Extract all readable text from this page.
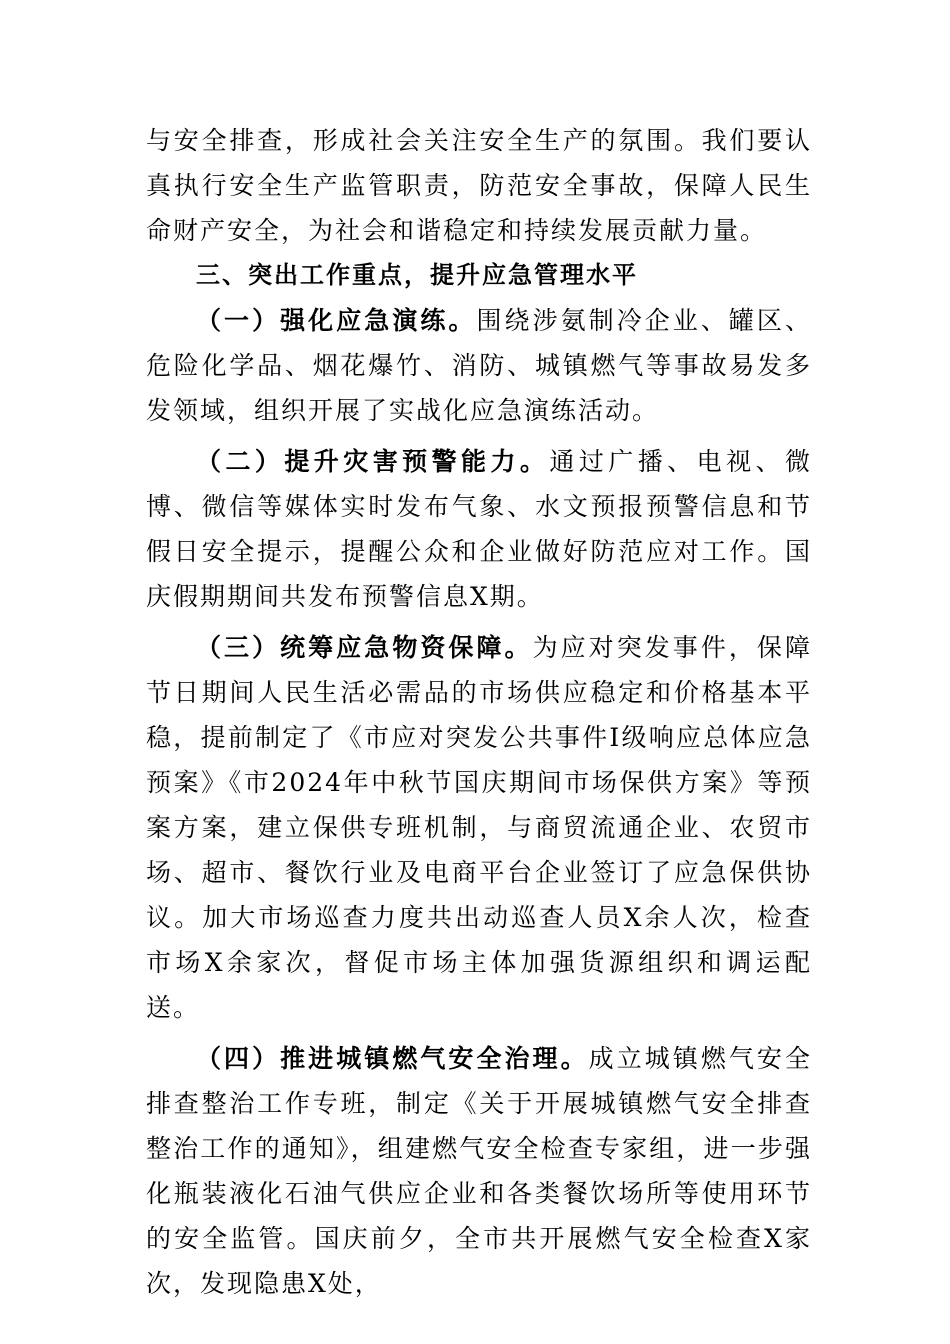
与安全排查，形成社会关注安全生产的氛围。我们要认真执行安全生产监管职责，防范安全事故，保障人民生命财产安全，为社会和谐稳定和持续发展贡献力量。

三、突出工作重点，提升应急管理水平

（一）强化应急演练。围绕涉氨制冷企业、罐区、危险化学品、烟花爆竹、消防、城镇燃气等事故易发多发领域，组织开展了实战化应急演练活动。

（二）提升灾害预警能力。通过广播、电视、微博、微信等媒体实时发布气象、水文预报预警信息和节假日安全提示，提醒公众和企业做好防范应对工作。国庆假期期间共发布预警信息X期。

（三）统筹应急物资保障。为应对突发事件，保障节日期间人民生活必需品的市场供应稳定和价格基本平稳，提前制定了《市应对突发公共事件I级响应总体应急预案》《市2024年中秋节国庆期间市场保供方案》等预案方案，建立保供专班机制，与商贸流通企业、农贸市场、超市、餐饮行业及电商平台企业签订了应急保供协议。加大市场巡查力度共出动巡查人员X余人次，检查市场X余家次，督促市场主体加强货源组织和调运配送。

（四）推进城镇燃气安全治理。成立城镇燃气安全排查整治工作专班，制定《关于开展城镇燃气安全排查整治工作的通知》，组建燃气安全检查专家组，进一步强化瓶装液化石油气供应企业和各类餐饮场所等使用环节的安全监管。国庆前夕，全市共开展燃气安全检查X家次，发现隐患X处，
